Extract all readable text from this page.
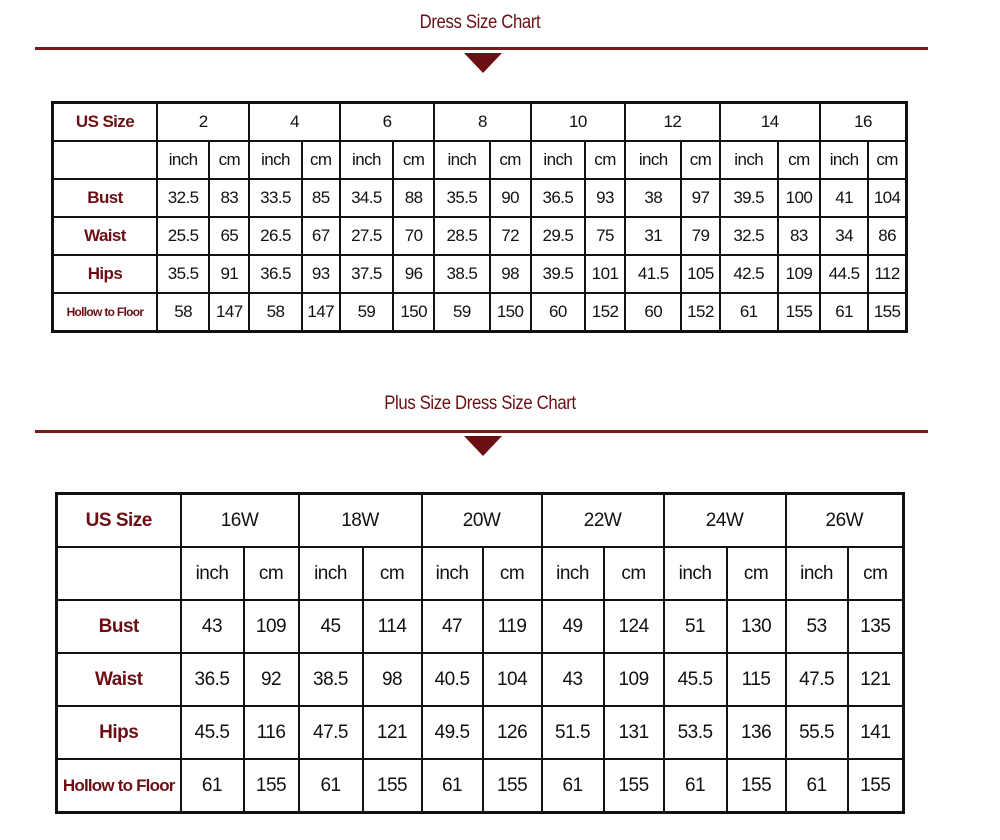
Dress Size Chart
US Size	2		4		6		8		10		12		14		16	
	inch	cm	inch	cm	inch	cm	inch	cm	inch	cm	inch	cm	inch	cm	inch	cm
Bust	32.5	83	33.5	85	34.5	88	35.5	90	36.5	93	38	97	39.5	100	41	104
Waist	25.5	65	26.5	67	27.5	70	28.5	72	29.5	75	31	79	32.5	83	34	86
Hips	35.5	91	36.5	93	37.5	96	38.5	98	39.5	101	41.5	105	42.5	109	44.5	112
Hollow to Floor	58	147	58	147	59	150	59	150	60	152	60	152	61	155	61	155
Plus Size Dress Size Chart
US Size	16W		18W		20W		22W		24W		26W	
	inch	cm	inch	cm	inch	cm	inch	cm	inch	cm	inch	cm
Bust	43	109	45	114	47	119	49	124	51	130	53	135
Waist	36.5	92	38.5	98	40.5	104	43	109	45.5	115	47.5	121
Hips	45.5	116	47.5	121	49.5	126	51.5	131	53.5	136	55.5	141
Hollow to Floor	61	155	61	155	61	155	61	155	61	155	61	155
